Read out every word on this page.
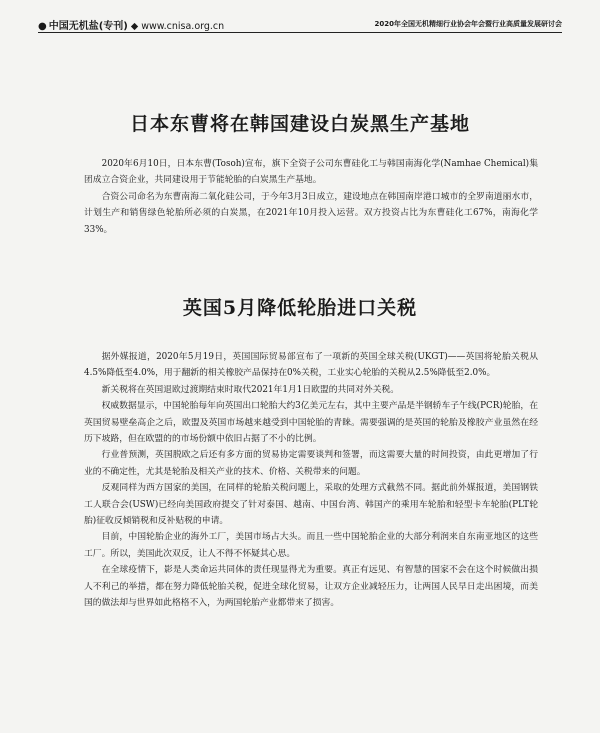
● 中国无机盐(专刊) ◆ www.cnisa.org.cn	2020年全国无机精细行业协会年会暨行业高质量发展研讨会
日本东曹将在韩国建设白炭黑生产基地

2020年6月10日，日本东曹(Tosoh)宣布，旗下全资子公司东曹硅化工与韩国南海化学(Namhae Chemical)集团成立合资企业，共同建设用于节能轮胎的白炭黑生产基地。

合资公司命名为东曹南海二氧化硅公司，于今年3月3日成立，建设地点在韩国南岸港口城市的全罗南道丽水市，计划生产和销售绿色轮胎所必须的白炭黑，在2021年10月投入运营。双方投资占比为东曹硅化工67%，南海化学33%。

英国5月降低轮胎进口关税

据外媒报道，2020年5月19日，英国国际贸易部宣布了一项新的英国全球关税(UKGT)——英国将轮胎关税从4.5%降低至4.0%，用于翻新的相关橡胶产品保持在0%关税，工业实心轮胎的关税从2.5%降低至2.0%。

新关税将在英国退欧过渡期结束时取代2021年1月1日欧盟的共同对外关税。

权威数据显示，中国轮胎每年向英国出口轮胎大约3亿美元左右，其中主要产品是半钢轿车子午线(PCR)轮胎，在英国贸易壁垒高企之后，欧盟及英国市场越来越受到中国轮胎的青睐。需要强调的是英国的轮胎及橡胶产业虽然在经历下坡路，但在欧盟的的市场份额中依旧占据了不小的比例。

行业普预测，英国脱欧之后还有多方面的贸易协定需要谈判和签署，而这需要大量的时间投资，由此更增加了行业的不确定性，尤其是轮胎及相关产业的技术、价格、关税带来的问题。

反观同样为西方国家的美国，在同样的轮胎关税问题上，采取的处理方式截然不同。据此前外媒报道，美国钢铁工人联合会(USW)已经向美国政府提交了针对泰国、越南、中国台湾、韩国产的乘用车轮胎和轻型卡车轮胎(PLT轮胎)征收反倾销税和反补贴税的申请。

目前，中国轮胎企业的海外工厂，美国市场占大头。而且一些中国轮胎企业的大部分利润来自东南亚地区的这些工厂。所以，美国此次双反，让人不得不怀疑其心思。

在全球疫情下，影是人类命运共同体的责任现显得尤为重要。真正有远见、有智慧的国家不会在这个时候做出损人不利己的举措，都在努力降低轮胎关税，促进全球化贸易，让双方企业减轻压力，让两国人民早日走出困境，而美国的做法却与世界如此格格不入，为两国轮胎产业都带来了损害。
